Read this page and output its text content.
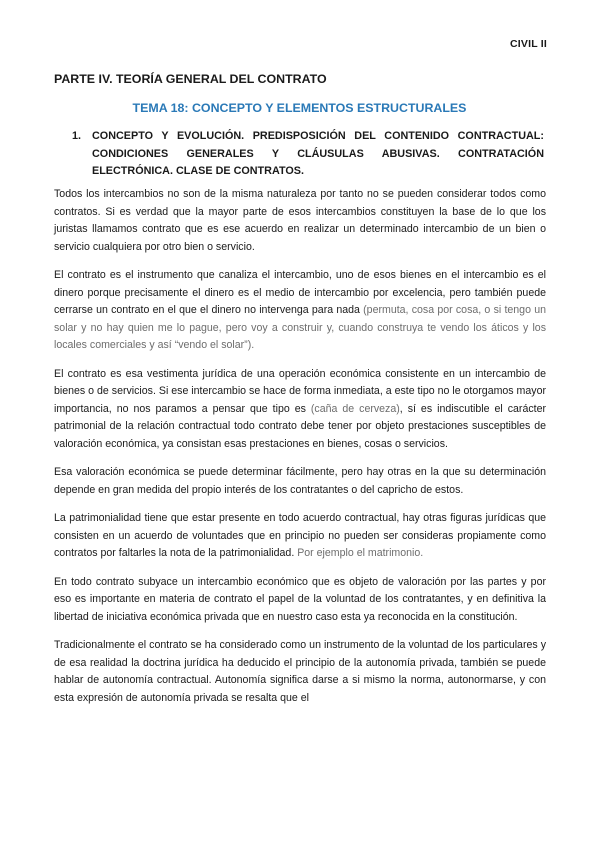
CIVIL II
PARTE IV. TEORÍA GENERAL DEL CONTRATO
TEMA 18: CONCEPTO Y ELEMENTOS ESTRUCTURALES
1.	CONCEPTO Y EVOLUCIÓN. PREDISPOSICIÓN DEL CONTENIDO CONTRACTUAL: CONDICIONES GENERALES Y CLÁUSULAS ABUSIVAS. CONTRATACIÓN ELECTRÓNICA. CLASE DE CONTRATOS.

Todos los intercambios no son de la misma naturaleza por tanto no se pueden considerar todos como contratos. Si es verdad que la mayor parte de esos intercambios constituyen la base de lo que los juristas llamamos contrato que es ese acuerdo en realizar un determinado intercambio de un bien o servicio cualquiera por otro bien o servicio.

El contrato es el instrumento que canaliza el intercambio, uno de esos bienes en el intercambio es el dinero porque precisamente el dinero es el medio de intercambio por excelencia, pero también puede cerrarse un contrato en el que el dinero no intervenga para nada (permuta, cosa por cosa, o si tengo un solar y no hay quien me lo pague, pero voy a construir y, cuando construya te vendo los áticos y los locales comerciales y así “vendo el solar”).

El contrato es esa vestimenta jurídica de una operación económica consistente en un intercambio de bienes o de servicios. Si ese intercambio se hace de forma inmediata, a este tipo no le otorgamos mayor importancia, no nos paramos a pensar que tipo es (caña de cerveza), sí es indiscutible el carácter patrimonial de la relación contractual todo contrato debe tener por objeto prestaciones susceptibles de valoración económica, ya consistan esas prestaciones en bienes, cosas o servicios.

Esa valoración económica se puede determinar fácilmente, pero hay otras en la que su determinación depende en gran medida del propio interés de los contratantes o del capricho de estos.

La patrimonialidad tiene que estar presente en todo acuerdo contractual, hay otras figuras jurídicas que consisten en un acuerdo de voluntades que en principio no pueden ser consideras propiamente como contratos por faltarles la nota de la patrimonialidad. Por ejemplo el matrimonio.

En todo contrato subyace un intercambio económico que es objeto de valoración por las partes y por eso es importante en materia de contrato el papel de la voluntad de los contratantes, y en definitiva la libertad de iniciativa económica privada que en nuestro caso esta ya reconocida en la constitución.

Tradicionalmente el contrato se ha considerado como un instrumento de la voluntad de los particulares y de esa realidad la doctrina jurídica ha deducido el principio de la autonomía privada, también se puede hablar de autonomía contractual. Autonomía significa darse a si mismo la norma, autonormarse, y con esta expresión de autonomía privada se resalta que el
